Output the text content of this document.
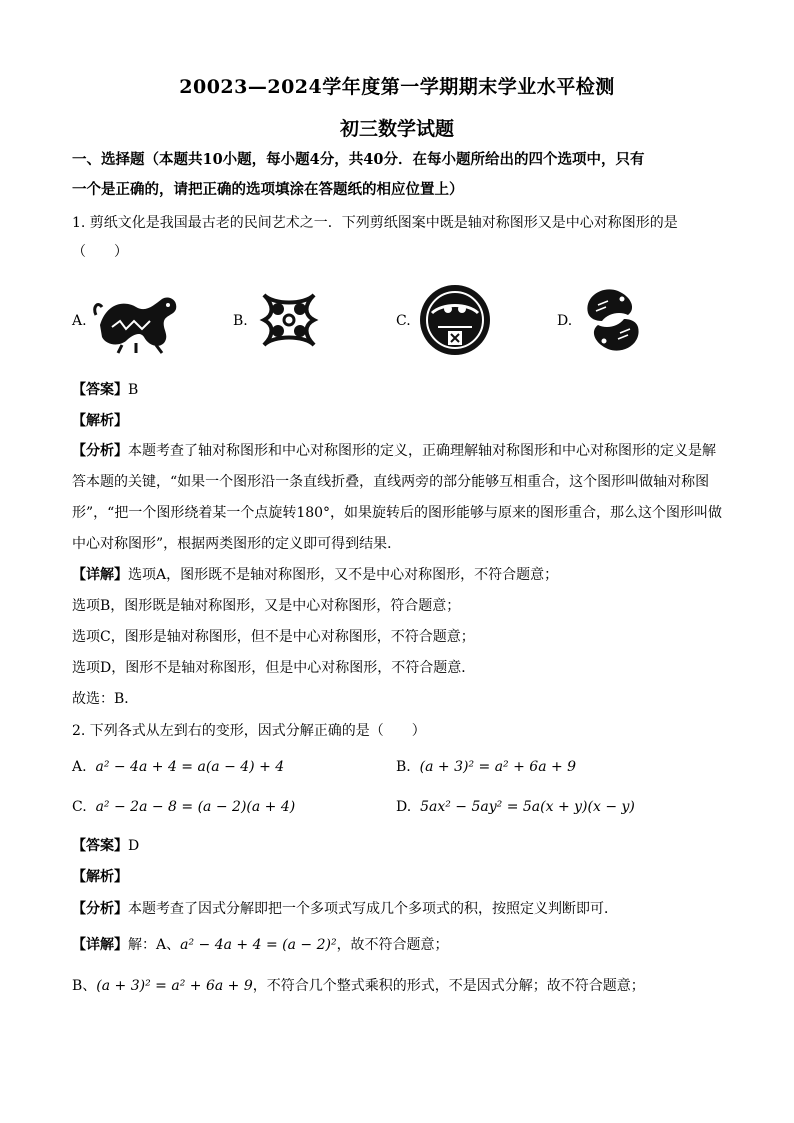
20023—2024学年度第一学期期末学业水平检测
初三数学试题
一、选择题（本题共10小题，每小题4分，共40分．在每小题所给出的四个选项中，只有
一个是正确的，请把正确的选项填涂在答题纸的相应位置上）
1. 剪纸文化是我国最古老的民间艺术之一．下列剪纸图案中既是轴对称图形又是中心对称图形的是
（　　）
A.	B.	C.	D.
【答案】B
【解析】
【分析】本题考查了轴对称图形和中心对称图形的定义，正确理解轴对称图形和中心对称图形的定义是解
答本题的关键，“如果一个图形沿一条直线折叠，直线两旁的部分能够互相重合，这个图形叫做轴对称图
形”，“把一个图形绕着某一个点旋转180°，如果旋转后的图形能够与原来的图形重合，那么这个图形叫做
中心对称图形”，根据两类图形的定义即可得到结果．
【详解】选项A，图形既不是轴对称图形，又不是中心对称图形，不符合题意；
选项B，图形既是轴对称图形，又是中心对称图形，符合题意；
选项C，图形是轴对称图形，但不是中心对称图形，不符合题意；
选项D，图形不是轴对称图形，但是中心对称图形，不符合题意．
故选：B．
2. 下列各式从左到右的变形，因式分解正确的是（　　）
A. a² − 4a + 4 = a(a − 4) + 4	B. (a + 3)² = a² + 6a + 9
C. a² − 2a − 8 = (a − 2)(a + 4)	D. 5ax² − 5ay² = 5a(x + y)(x − y)
【答案】D
【解析】
【分析】本题考查了因式分解即把一个多项式写成几个多项式的积，按照定义判断即可．
【详解】解：A、a² − 4a + 4 = (a − 2)²，故不符合题意；
B、(a + 3)² = a² + 6a + 9，不符合几个整式乘积的形式，不是因式分解；故不符合题意；
